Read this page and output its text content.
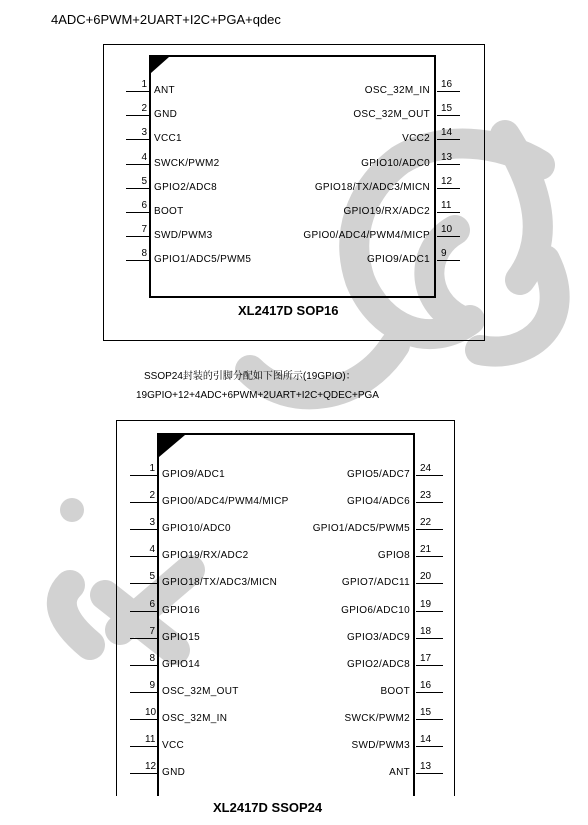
4ADC+6PWM+2UART+I2C+PGA+qdec
1
ANT
2
GND
3
VCC1
4
SWCK/PWM2
5
GPIO2/ADC8
6
BOOT
7
SWD/PWM3
8
GPIO1/ADC5/PWM5
16
OSC_32M_IN
15
OSC_32M_OUT
14
VCC2
13
GPIO10/ADC0
12
GPIO18/TX/ADC3/MICN
11
GPIO19/RX/ADC2
10
GPIO0/ADC4/PWM4/MICP
9
GPIO9/ADC1
XL2417D SOP16
SSOP24封装的引脚分配如下图所示(19GPIO)：
19GPIO+12+4ADC+6PWM+2UART+I2C+QDEC+PGA
1
GPIO9/ADC1
2
GPIO0/ADC4/PWM4/MICP
3
GPIO10/ADC0
4
GPIO19/RX/ADC2
5
GPIO18/TX/ADC3/MICN
6
GPIO16
7
GPIO15
8
GPIO14
9
OSC_32M_OUT
10
OSC_32M_IN
11
VCC
12
GND
24
GPIO5/ADC7
23
GPIO4/ADC6
22
GPIO1/ADC5/PWM5
21
GPIO8
20
GPIO7/ADC11
19
GPIO6/ADC10
18
GPIO3/ADC9
17
GPIO2/ADC8
16
BOOT
15
SWCK/PWM2
14
SWD/PWM3
13
ANT
XL2417D SSOP24
